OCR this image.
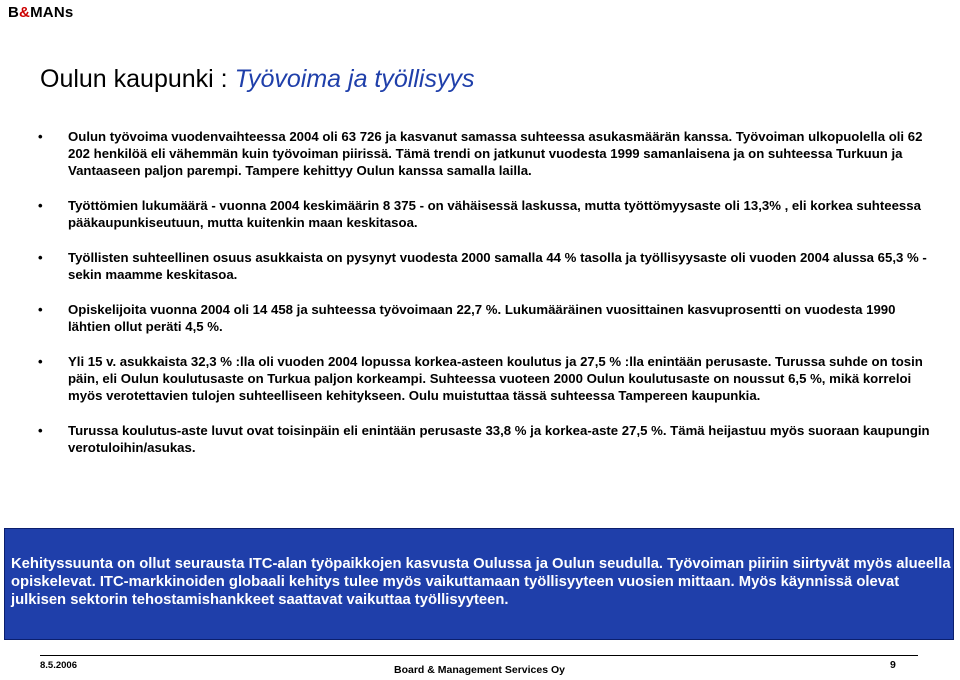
B&MANs
Oulun kaupunki : Työvoima ja työllisyys
• Oulun työvoima vuodenvaihteessa 2004 oli 63 726 ja kasvanut samassa suhteessa asukasmäärän kanssa. Työvoiman ulkopuolella oli 62 202 henkilöä eli vähemmän kuin työvoiman piirissä. Tämä trendi on jatkunut vuodesta 1999 samanlaisena ja on suhteessa Turkuun ja Vantaaseen paljon parempi. Tampere kehittyy Oulun kanssa samalla lailla.
• Työttömien lukumäärä - vuonna 2004 keskimäärin 8 375 - on vähäisessä laskussa, mutta työttömyysaste oli 13,3% , eli korkea suhteessa pääkaupunkiseutuun, mutta kuitenkin maan keskitasoa.
• Työllisten suhteellinen osuus asukkaista on pysynyt vuodesta 2000 samalla 44 % tasolla ja työllisyysaste oli vuoden 2004 alussa 65,3 % - sekin maamme keskitasoa.
• Opiskelijoita vuonna 2004 oli 14 458 ja suhteessa työvoimaan 22,7 %. Lukumääräinen vuosittainen kasvuprosentti on vuodesta 1990 lähtien ollut peräti 4,5 %.
• Yli 15 v. asukkaista 32,3 % :lla oli vuoden 2004 lopussa korkea-asteen koulutus ja 27,5 % :lla enintään perusaste. Turussa suhde on tosin päin, eli Oulun koulutusaste on Turkua paljon korkeampi. Suhteessa vuoteen 2000 Oulun koulutusaste on noussut 6,5 %, mikä korreloi myös verotettavien tulojen suhteelliseen kehitykseen. Oulu muistuttaa tässä suhteessa Tampereen kaupunkia.
• Turussa koulutus-aste luvut ovat toisinpäin eli enintään perusaste 33,8 % ja korkea-aste 27,5 %. Tämä heijastuu myös suoraan kaupungin verotuloihin/asukas.
Kehityssuunta on ollut seurausta ITC-alan työpaikkojen kasvusta Oulussa ja Oulun seudulla. Työvoiman piiriin siirtyvät myös alueella opiskelevat. ITC-markkinoiden globaali kehitys tulee myös vaikuttamaan työllisyyteen vuosien mittaan. Myös käynnissä olevat julkisen sektorin tehostamishankkeet saattavat vaikuttaa työllisyyteen.
8.5.2006	Board & Management Services Oy	9
